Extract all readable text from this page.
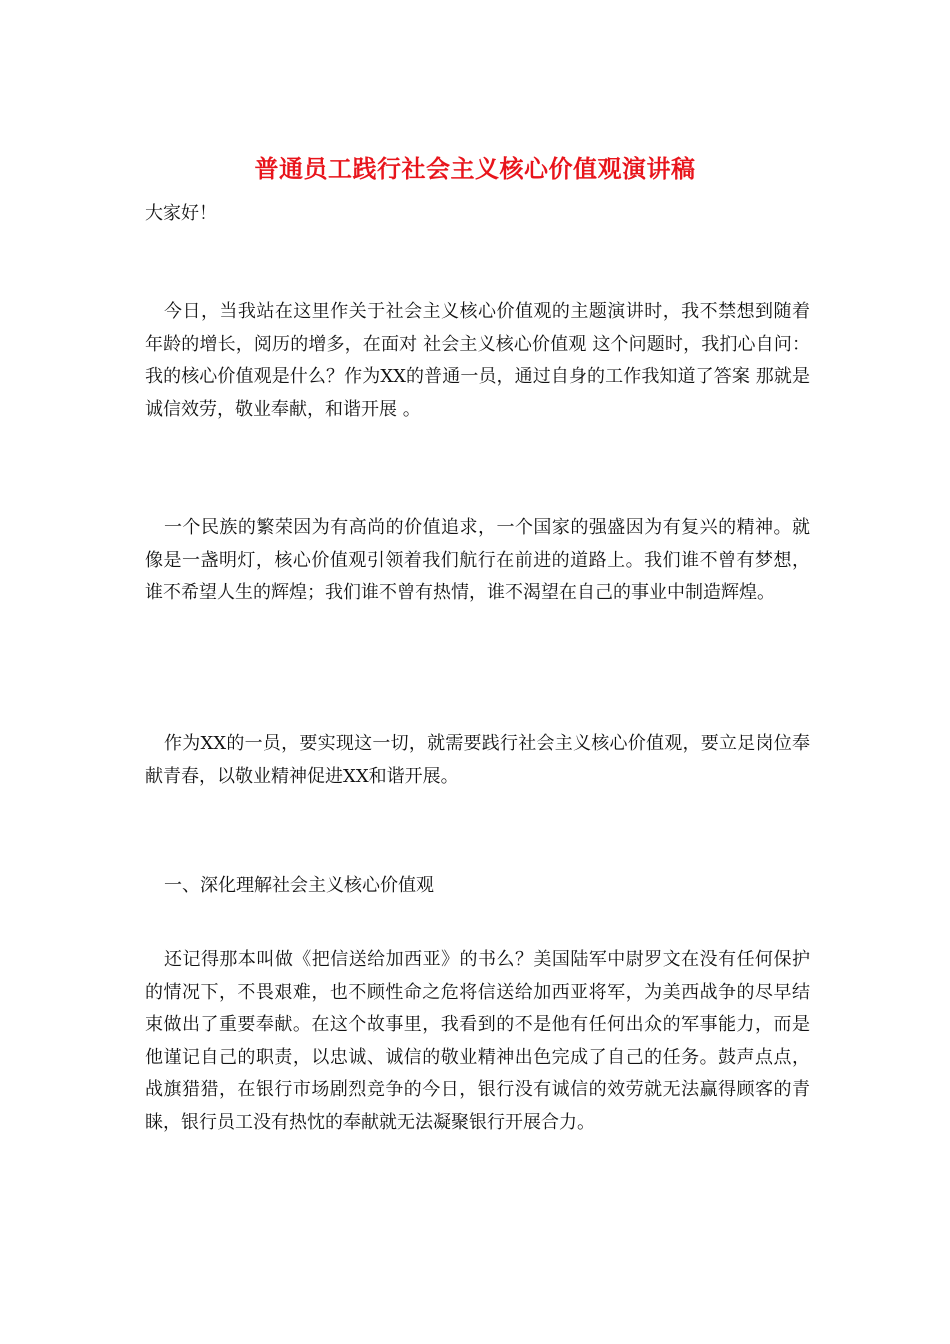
普通员工践行社会主义核心价值观演讲稿

大家好！

今日，当我站在这里作关于社会主义核心价值观的主题演讲时，我不禁想到随着年龄的增长，阅历的增多，在面对 社会主义核心价值观 这个问题时，我扪心自问：我的核心价值观是什么？作为XX的普通一员，通过自身的工作我知道了答案 那就是 诚信效劳，敬业奉献，和谐开展 。

一个民族的繁荣因为有高尚的价值追求，一个国家的强盛因为有复兴的精神。就像是一盏明灯，核心价值观引领着我们航行在前进的道路上。我们谁不曾有梦想，谁不希望人生的辉煌；我们谁不曾有热情，谁不渴望在自己的事业中制造辉煌。

作为XX的一员，要实现这一切，就需要践行社会主义核心价值观，要立足岗位奉献青春，以敬业精神促进XX和谐开展。

一、深化理解社会主义核心价值观

还记得那本叫做《把信送给加西亚》的书么？美国陆军中尉罗文在没有任何保护的情况下，不畏艰难，也不顾性命之危将信送给加西亚将军，为美西战争的尽早结束做出了重要奉献。在这个故事里，我看到的不是他有任何出众的军事能力，而是他谨记自己的职责，以忠诚、诚信的敬业精神出色完成了自己的任务。鼓声点点，战旗猎猎，在银行市场剧烈竞争的今日，银行没有诚信的效劳就无法赢得顾客的青睐，银行员工没有热忱的奉献就无法凝聚银行开展合力。
